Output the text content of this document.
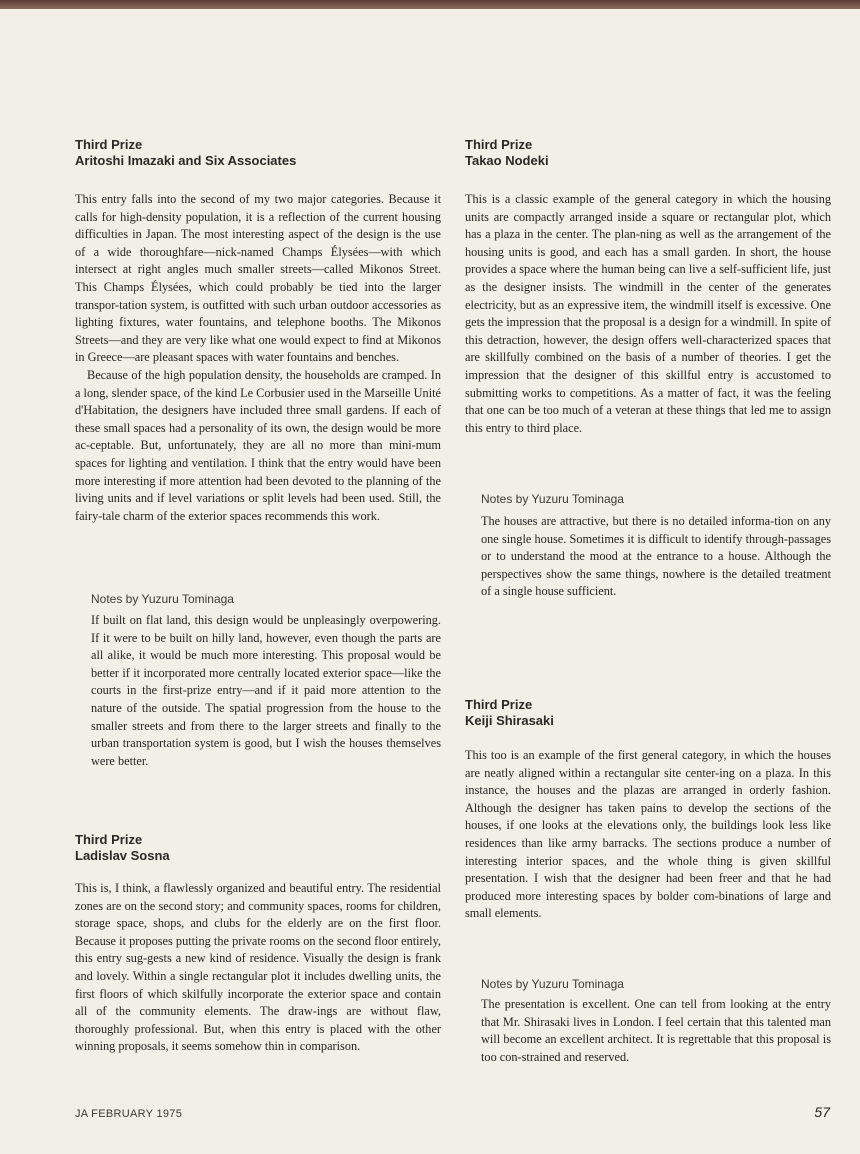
Third Prize
Aritoshi Imazaki and Six Associates

This entry falls into the second of my two major categories. Because it calls for high-density population, it is a reflection of the current housing difficulties in Japan. The most interesting aspect of the design is the use of a wide thoroughfare—nick-named Champs Élysées—with which intersect at right angles much smaller streets—called Mikonos Street. This Champs Élysées, which could probably be tied into the larger transpor-tation system, is outfitted with such urban outdoor accessories as lighting fixtures, water fountains, and telephone booths. The Mikonos Streets—and they are very like what one would expect to find at Mikonos in Greece—are pleasant spaces with water fountains and benches.

Because of the high population density, the households are cramped. In a long, slender space, of the kind Le Corbusier used in the Marseille Unité d'Habitation, the designers have included three small gardens. If each of these small spaces had a personality of its own, the design would be more ac-ceptable. But, unfortunately, they are all no more than mini-mum spaces for lighting and ventilation. I think that the entry would have been more interesting if more attention had been devoted to the planning of the living units and if level variations or split levels had been used. Still, the fairy-tale charm of the exterior spaces recommends this work.

Notes by Yuzuru Tominaga

If built on flat land, this design would be unpleasingly overpowering. If it were to be built on hilly land, however, even though the parts are all alike, it would be much more interesting. This proposal would be better if it incorporated more centrally located exterior space—like the courts in the first-prize entry—and if it paid more attention to the nature of the outside. The spatial progression from the house to the smaller streets and from there to the larger streets and finally to the urban transportation system is good, but I wish the houses themselves were better.

Third Prize
Ladislav Sosna

This is, I think, a flawlessly organized and beautiful entry. The residential zones are on the second story; and community spaces, rooms for children, storage space, shops, and clubs for the elderly are on the first floor. Because it proposes putting the private rooms on the second floor entirely, this entry sug-gests a new kind of residence. Visually the design is frank and lovely. Within a single rectangular plot it includes dwelling units, the first floors of which skilfully incorporate the exterior space and contain all of the community elements. The draw-ings are without flaw, thoroughly professional. But, when this entry is placed with the other winning proposals, it seems somehow thin in comparison.

Third Prize
Takao Nodeki

This is a classic example of the general category in which the housing units are compactly arranged inside a square or rectangular plot, which has a plaza in the center. The plan-ning as well as the arrangement of the housing units is good, and each has a small garden. In short, the house provides a space where the human being can live a self-sufficient life, just as the designer insists. The windmill in the center of the generates electricity, but as an expressive item, the windmill itself is excessive. One gets the impression that the proposal is a design for a windmill. In spite of this detraction, however, the design offers well-characterized spaces that are skillfully combined on the basis of a number of theories. I get the impression that the designer of this skillful entry is accustomed to submitting works to competitions. As a matter of fact, it was the feeling that one can be too much of a veteran at these things that led me to assign this entry to third place.

Notes by Yuzuru Tominaga

The houses are attractive, but there is no detailed informa-tion on any one single house. Sometimes it is difficult to identify through-passages or to understand the mood at the entrance to a house. Although the perspectives show the same things, nowhere is the detailed treatment of a single house sufficient.

Third Prize
Keiji Shirasaki

This too is an example of the first general category, in which the houses are neatly aligned within a rectangular site center-ing on a plaza. In this instance, the houses and the plazas are arranged in orderly fashion. Although the designer has taken pains to develop the sections of the houses, if one looks at the elevations only, the buildings look less like residences than like army barracks. The sections produce a number of interesting interior spaces, and the whole thing is given skillful presentation. I wish that the designer had been freer and that he had produced more interesting spaces by bolder com-binations of large and small elements.

Notes by Yuzuru Tominaga

The presentation is excellent. One can tell from looking at the entry that Mr. Shirasaki lives in London. I feel certain that this talented man will become an excellent architect. It is regrettable that this proposal is too con-strained and reserved.

JA FEBRUARY 1975	57
